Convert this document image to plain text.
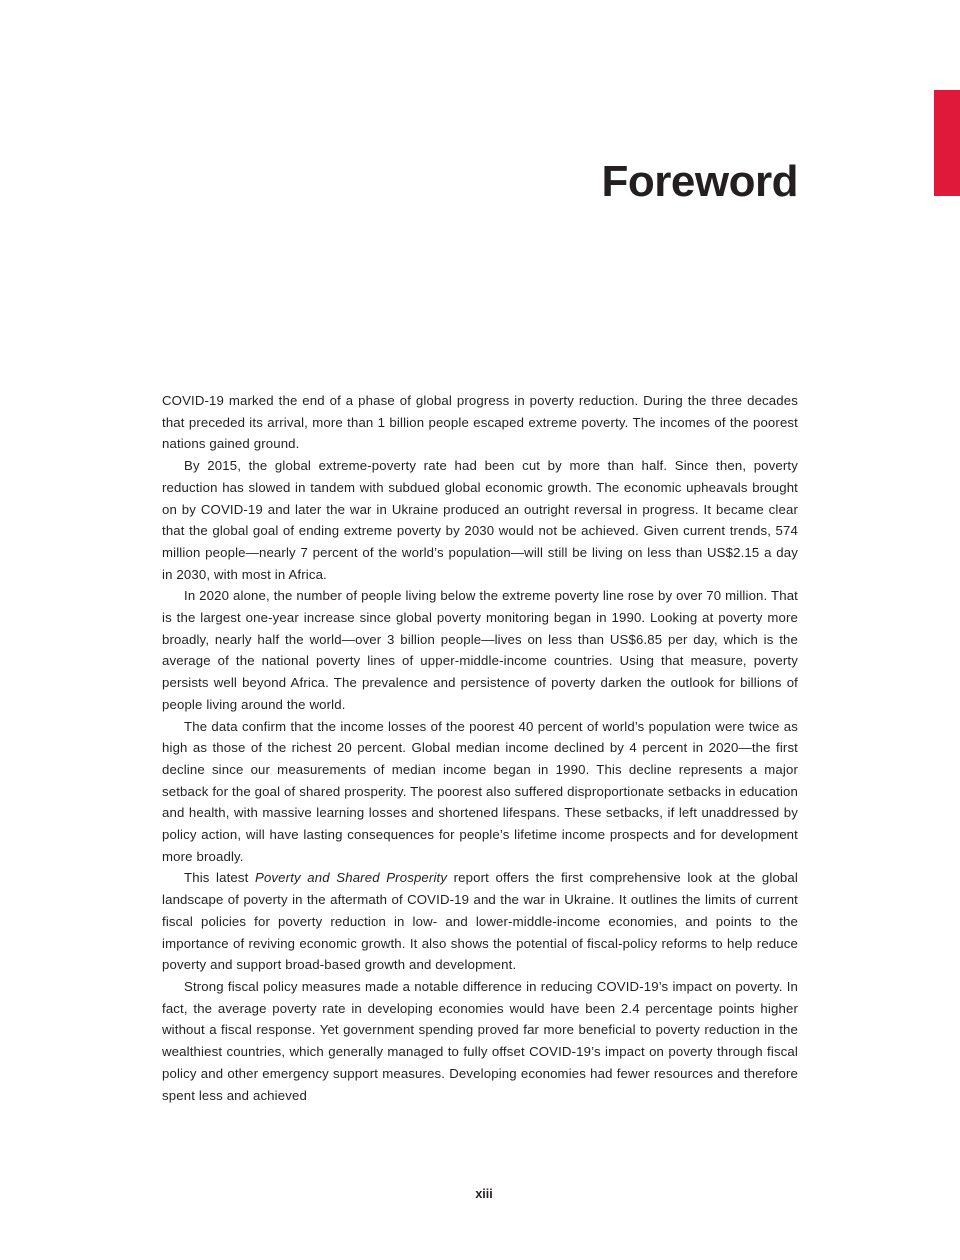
Foreword

COVID-19 marked the end of a phase of global progress in poverty reduction. During the three decades that preceded its arrival, more than 1 billion people escaped extreme poverty. The incomes of the poorest nations gained ground.

By 2015, the global extreme-poverty rate had been cut by more than half. Since then, poverty reduction has slowed in tandem with subdued global economic growth. The economic upheavals brought on by COVID-19 and later the war in Ukraine produced an outright reversal in progress. It became clear that the global goal of ending extreme poverty by 2030 would not be achieved. Given current trends, 574 million people—nearly 7 percent of the world’s population—will still be living on less than US$2.15 a day in 2030, with most in Africa.

In 2020 alone, the number of people living below the extreme poverty line rose by over 70 million. That is the largest one-year increase since global poverty monitoring began in 1990. Looking at poverty more broadly, nearly half the world—over 3 billion people—lives on less than US$6.85 per day, which is the average of the national poverty lines of upper-middle-income countries. Using that measure, poverty persists well beyond Africa. The prevalence and persistence of poverty darken the outlook for billions of people living around the world.

The data confirm that the income losses of the poorest 40 percent of world’s population were twice as high as those of the richest 20 percent. Global median income declined by 4 percent in 2020—the first decline since our measurements of median income began in 1990. This decline represents a major setback for the goal of shared prosperity. The poorest also suffered disproportionate setbacks in education and health, with massive learning losses and shortened lifespans. These setbacks, if left unaddressed by policy action, will have lasting consequences for people’s lifetime income prospects and for development more broadly.

This latest Poverty and Shared Prosperity report offers the first comprehensive look at the global landscape of poverty in the aftermath of COVID-19 and the war in Ukraine. It outlines the limits of current fiscal policies for poverty reduction in low- and lower-middle-income economies, and points to the importance of reviving economic growth. It also shows the potential of fiscal-policy reforms to help reduce poverty and support broad-based growth and development.

Strong fiscal policy measures made a notable difference in reducing COVID-19’s impact on poverty. In fact, the average poverty rate in developing economies would have been 2.4 percentage points higher without a fiscal response. Yet government spending proved far more beneficial to poverty reduction in the wealthiest countries, which generally managed to fully offset COVID-19’s impact on poverty through fiscal policy and other emergency support measures. Developing economies had fewer resources and therefore spent less and achieved

xiii
